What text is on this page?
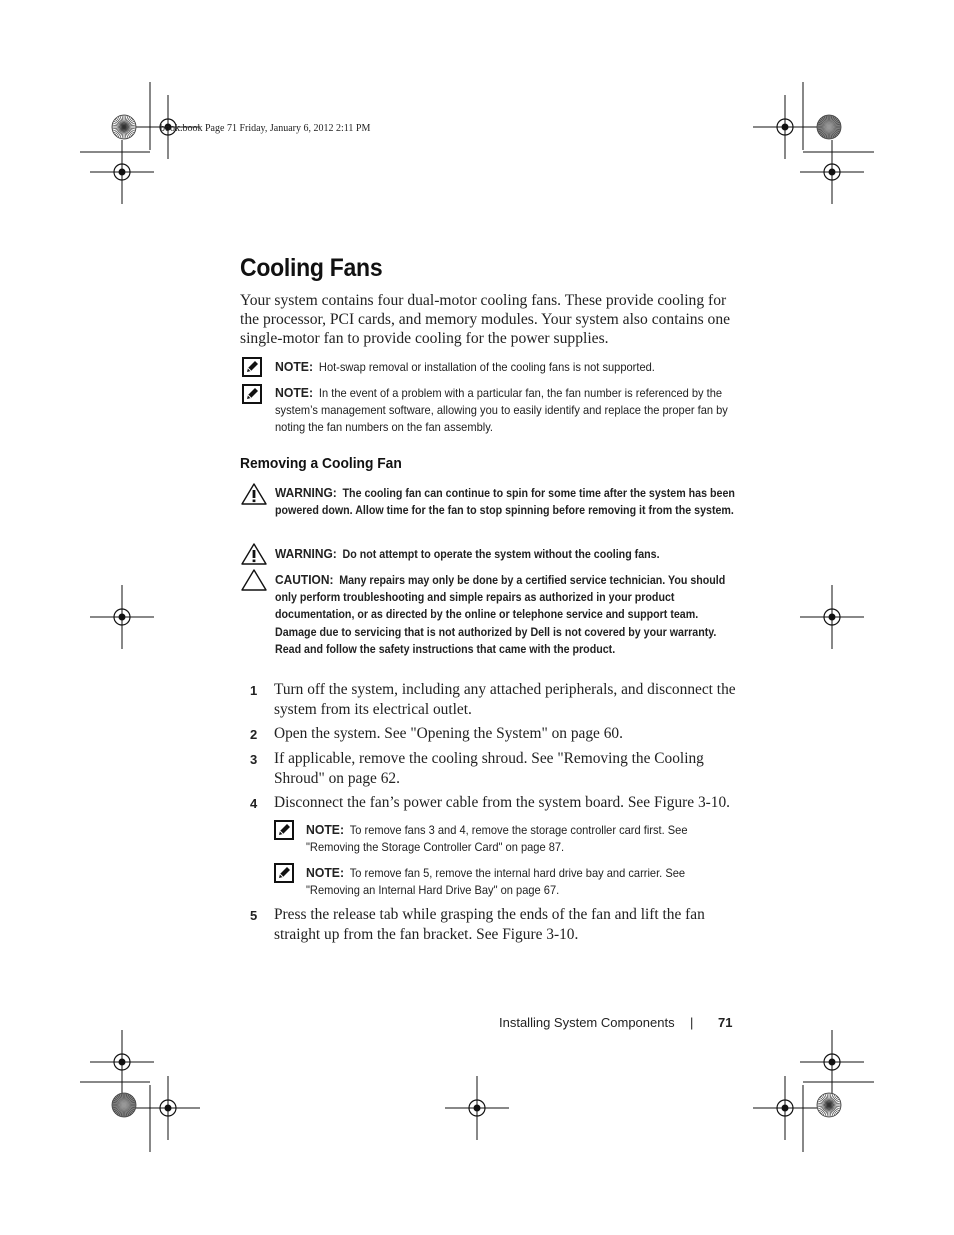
book.book Page 71 Friday, January 6, 2012 2:11 PM
Cooling Fans

Your system contains four dual-motor cooling fans. These provide cooling for the processor, PCI cards, and memory modules. Your system also contains one single-motor fan to provide cooling for the power supplies.

NOTE: Hot-swap removal or installation of the cooling fans is not supported.

NOTE: In the event of a problem with a particular fan, the fan number is referenced by the system’s management software, allowing you to easily identify and replace the proper fan by noting the fan numbers on the fan assembly.

Removing a Cooling Fan

WARNING: The cooling fan can continue to spin for some time after the system has been powered down. Allow time for the fan to stop spinning before removing it from the system.

WARNING: Do not attempt to operate the system without the cooling fans.

CAUTION: Many repairs may only be done by a certified service technician. You should only perform troubleshooting and simple repairs as authorized in your product documentation, or as directed by the online or telephone service and support team. Damage due to servicing that is not authorized by Dell is not covered by your warranty. Read and follow the safety instructions that came with the product.

1 Turn off the system, including any attached peripherals, and disconnect the system from its electrical outlet.

2 Open the system. See "Opening the System" on page 60.

3 If applicable, remove the cooling shroud. See "Removing the Cooling Shroud" on page 62.

4 Disconnect the fan’s power cable from the system board. See Figure 3-10.

NOTE: To remove fans 3 and 4, remove the storage controller card first. See "Removing the Storage Controller Card" on page 87.

NOTE: To remove fan 5, remove the internal hard drive bay and carrier. See "Removing an Internal Hard Drive Bay" on page 67.

5 Press the release tab while grasping the ends of the fan and lift the fan straight up from the fan bracket. See Figure 3-10.

Installing System Components | 71
